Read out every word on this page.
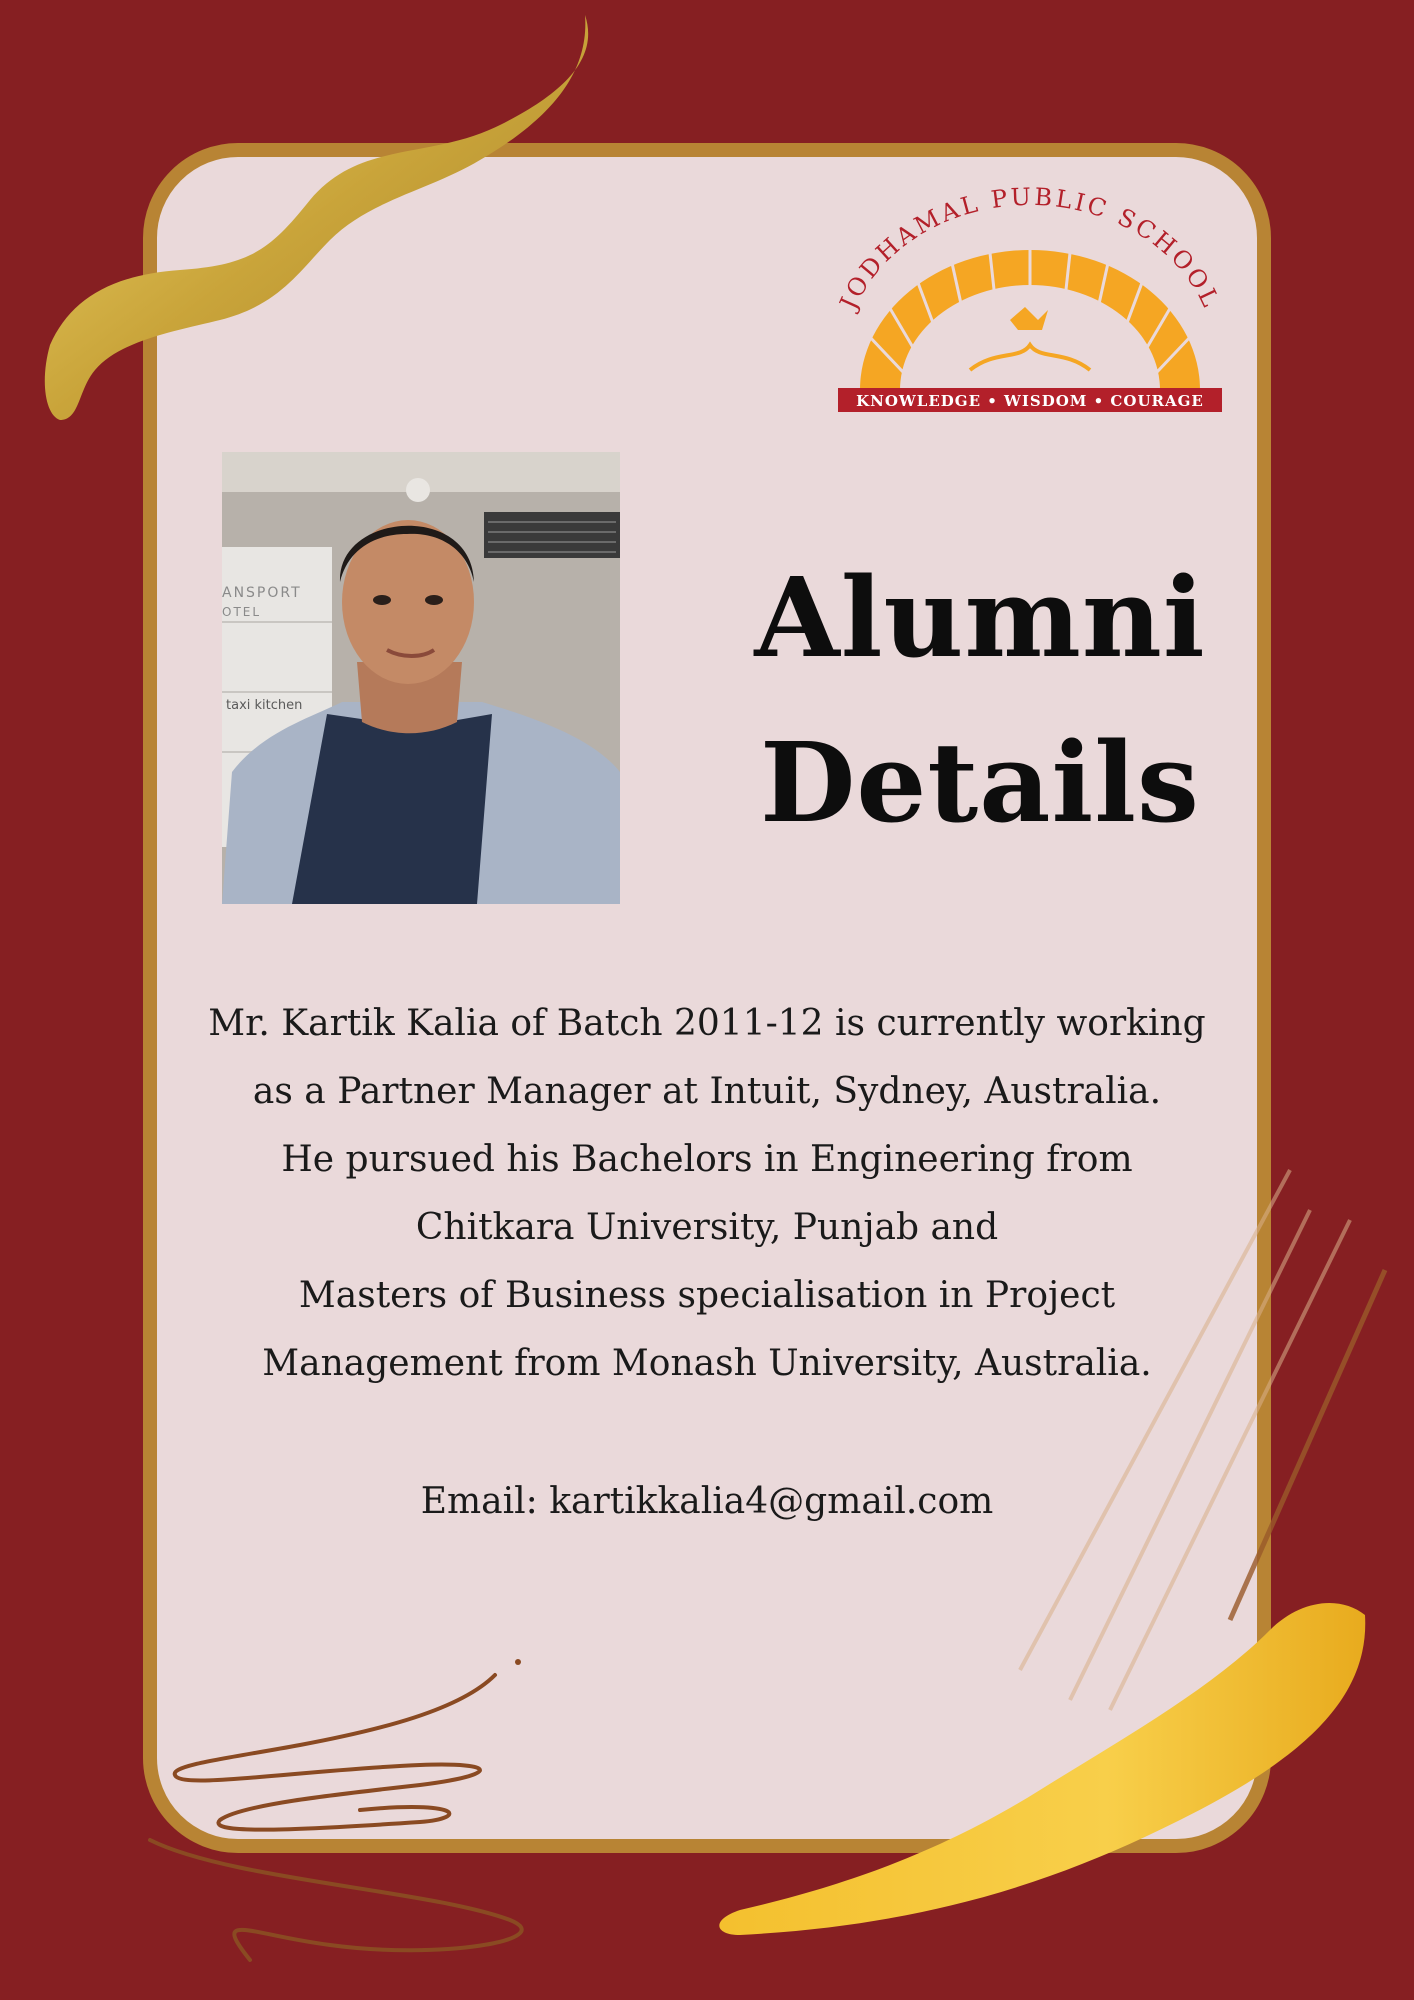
JODHAMAL PUBLIC SCHOOL
KNOWLEDGE • WISDOM • COURAGE
ANSPORT
OTEL
taxi kitchen
Alumni
Details

Mr. Kartik Kalia of Batch 2011-12 is currently working

as a Partner Manager at Intuit, Sydney, Australia.

He pursued his Bachelors in Engineering from

Chitkara University, Punjab and

Masters of Business specialisation in Project

Management from Monash University, Australia.

Email: kartikkalia4@gmail.com
